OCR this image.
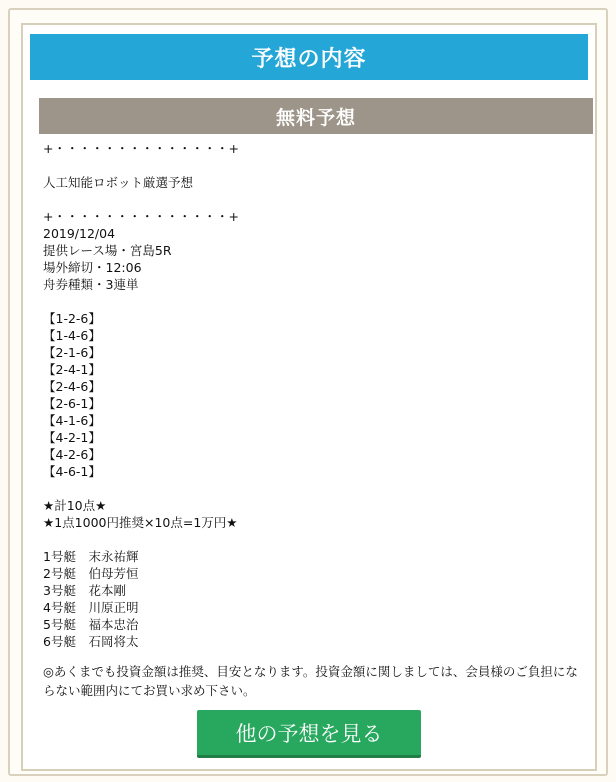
予想の内容
無料予想
+・・・・・・・・・・・・・・+
人工知能ロボット厳選予想
+・・・・・・・・・・・・・・+
2019/12/04
提供レース場・宮島5R
場外締切・12:06
舟券種類・3連単
【1-2-6】
【1-4-6】
【2-1-6】
【2-4-1】
【2-4-6】
【2-6-1】
【4-1-6】
【4-2-1】
【4-2-6】
【4-6-1】
★計10点★
★1点1000円推奨×10点=1万円★
1号艇　末永祐輝
2号艇　伯母芳恒
3号艇　花本剛
4号艇　川原正明
5号艇　福本忠治
6号艇　石岡将太
◎あくまでも投資金額は推奨、目安となります。投資金額に関しましては、会員様のご負担にならない範囲内にてお買い求め下さい。
他の予想を見る
